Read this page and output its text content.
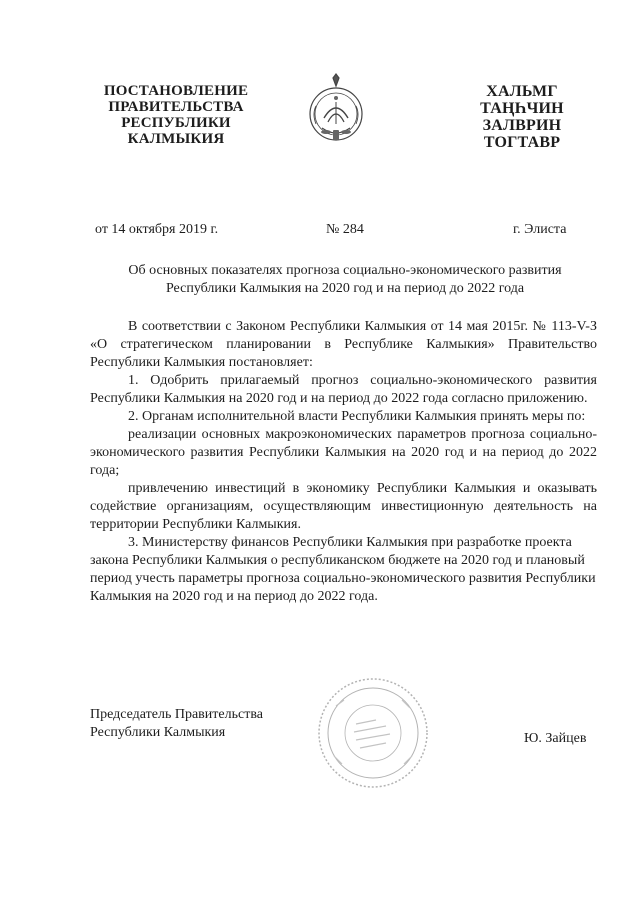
ПОСТАНОВЛЕНИЕ
ПРАВИТЕЛЬСТВА
РЕСПУБЛИКИ
КАЛМЫКИЯ
ХАЛЬМГ
ТАҢҺЧИН
ЗАЛВРИН
ТОГТАВР
от 14 октября 2019 г.	№ 284	г. Элиста
Об основных показателях прогноза социально-экономического развития
Республики Калмыкия на 2020 год и на период до 2022 года

В соответствии с Законом Республики Калмыкия от 14 мая 2015г. № 113-V-З «О стратегическом планировании в Республике Калмыкия» Правительство Республики Калмыкия постановляет:

1. Одобрить прилагаемый прогноз социально-экономического развития Республики Калмыкия на 2020 год и на период до 2022 года согласно приложению.

2. Органам исполнительной власти Республики Калмыкия принять меры по:

реализации основных макроэкономических параметров прогноза социально-экономического развития Республики Калмыкия на 2020 год и на период до 2022 года;

привлечению инвестиций в экономику Республики Калмыкия и оказывать содействие организациям, осуществляющим инвестиционную деятельность на территории Республики Калмыкия.

3. Министерству финансов Республики Калмыкия при разработке проекта закона Республики Калмыкия о республиканском бюджете на 2020 год и плановый период учесть параметры прогноза социально-экономического развития Республики Калмыкия на 2020 год и на период до 2022 года.

Председатель Правительства
Республики Калмыкия	Ю. Зайцев
